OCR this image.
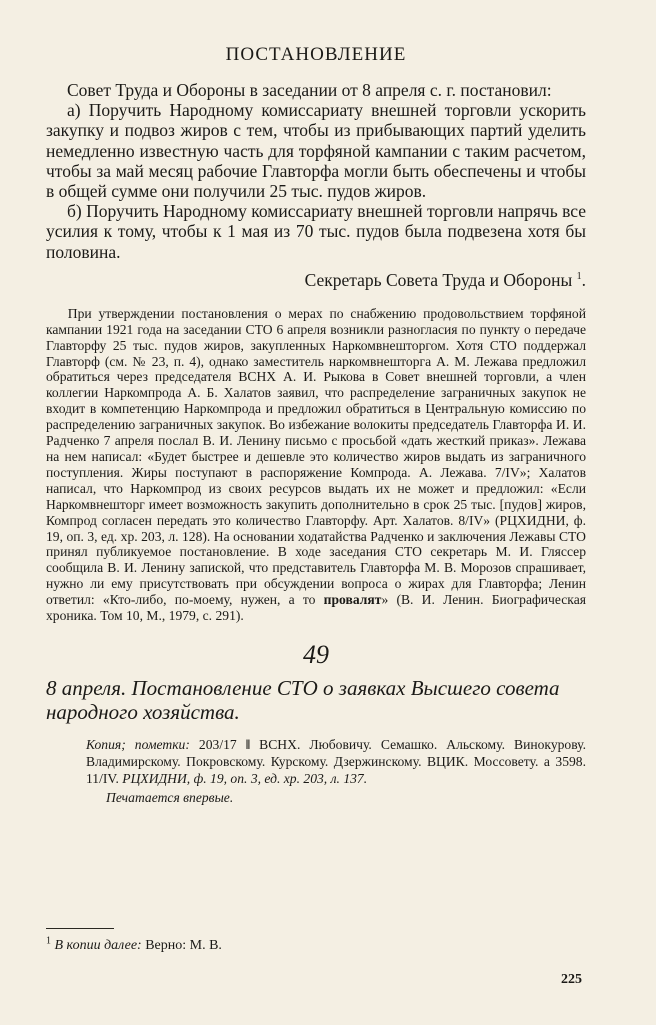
ПОСТАНОВЛЕНИЕ

Совет Труда и Обороны в заседании от 8 апреля с. г. постановил:

а) Поручить Народному комиссариату внешней торговли ускорить закупку и подвоз жиров с тем, чтобы из прибывающих партий уделить немедленно известную часть для торфяной кампании с таким расчетом, чтобы за май месяц рабочие Главторфа могли быть обеспечены и чтобы в общей сумме они получили 25 тыс. пудов жиров.

б) Поручить Народному комиссариату внешней торговли напрячь все усилия к тому, чтобы к 1 мая из 70 тыс. пудов была подвезена хотя бы половина.

Секретарь Совета Труда и Обороны $^1$.
При утверждении постановления о мерах по снабжению продовольствием торфяной кампании 1921 года на заседании СТО 6 апреля возникли разногласия по пункту о передаче Главторфу 25 тыс. пудов жиров, закупленных Наркомвнешторгом. Хотя СТО поддержал Главторф (см. № 23, п. 4), однако заместитель наркомвнешторга А. М. Лежава предложил обратиться через председателя ВСНХ А. И. Рыкова в Совет внешней торговли, а член коллегии Наркомпрода А. Б. Халатов заявил, что распределение заграничных закупок не входит в компетенцию Наркомпрода и предложил обратиться в Центральную комиссию по распределению заграничных закупок. Во избежание волокиты председатель Главторфа И. И. Радченко 7 апреля послал В. И. Ленину письмо с просьбой «дать жесткий приказ». Лежава на нем написал: «Будет быстрее и дешевле это количество жиров выдать из заграничного поступления. Жиры поступают в распоряжение Компрода. А. Лежава. 7/IV»; Халатов написал, что Наркомпрод из своих ресурсов выдать их не может и предложил: «Если Наркомвнешторг имеет возможность закупить дополнительно в срок 25 тыс. [пудов] жиров, Компрод согласен передать это количество Главторфу. Арт. Халатов. 8/IV» (РЦХИДНИ, ф. 19, оп. 3, ед. хр. 203, л. 128). На основании ходатайства Радченко и заключения Лежавы СТО принял публикуемое постановление. В ходе заседания СТО секретарь М. И. Гляссер сообщила В. И. Ленину запиской, что представитель Главторфа М. В. Морозов спрашивает, нужно ли ему присутствовать при обсуждении вопроса о жирах для Главторфа; Ленин ответил: «Кто-либо, по-моему, нужен, а то провалят» (В. И. Ленин. Биографическая хроника. Том 10, М., 1979, с. 291).
49
8 апреля. Постановление СТО о заявках Высшего совета народного хозяйства.
Копия; пометки: 203/17 ‖ ВСНХ. Любовичу. Семашко. Альскому. Винокурову. Владимирскому. Покровскому. Курскому. Дзержинскому. ВЦИК. Моссовету. а 3598. 11/IV. РЦХИДНИ, ф. 19, оп. 3, ед. хр. 203, л. 137.
Печатается впервые.
$^1$ В копии далее: Верно: М. В.
225
